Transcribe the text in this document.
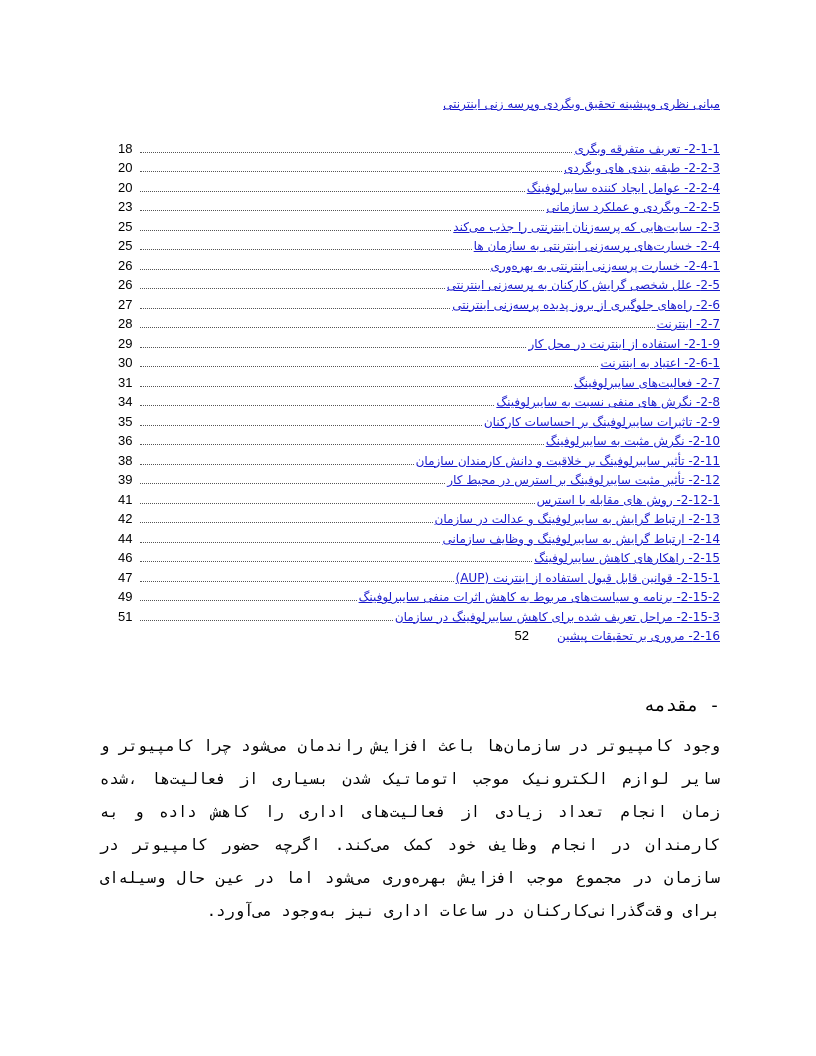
مبانی نظری وپیشینه تحقیق وبگردی وپرسه زنی اینترنتی
2-1-1- تعریف متفرقه وبگری
18
2-2-3- طبقه بندی های وبگردی
20
2-2-4- عوامل ایجاد کننده سایبرلوفینگ
20
2-2-5- وبگردی و عملکرد سازمانی
23
2-3- سایت‌هایی که پرسه‌زنان اینترنتی را جذب می‌کند
25
2-4- خسارت‌های پرسه‌زنی اینترنتی به سازمان ها
25
2-4-1- خسارت پرسه‌زنی اینترنتی به بهره‌وری
26
2-5- علل شخصی گرایش کارکنان به پرسه‌زنی اینترنتی
26
2-6- راه‌های جلوگیری از بروز پدیده پرسه‌زنی اینترنتی
27
2-7- اینترنت
28
2-1-9- استفاده از اینترنت در محل کار
29
2-6-1- اعتیاد به اینترنت
30
2-7- فعالیت‌های سایبرلوفینگ
31
2-8- نگرش های منفی نسبت به سایبرلوفینگ
34
2-9- تاثیرات سایبرلوفینگ بر احساسات کارکنان
35
2-10- نگرش مثبت به سایبرلوفینگ
36
2-11- تأثیر سایبرلوفینگ بر خلاقیت و دانش کارمندان سازمان
38
2-12- تأثیر مثبت سایبرلوفینگ بر استرس در محیط کار
39
2-12-1- روش های مقابله با استرس
41
2-13- ارتباط گرایش به سایبرلوفینگ و عدالت در سازمان
42
2-14- ارتباط گرایش به سایبرلوفینگ و وظایف سازمانی
44
2-15- راهکارهای کاهش سایبرلوفینگ
46
2-15-1- قوانین قابل قبول استفاده از اینترنت (AUP)
47
2-15-2- برنامه و سیاست‌های مربوط به کاهش اثرات منفی سایبرلوفینگ
49
2-15-3- مراحل تعریف شده برای کاهش سایبرلوفینگ در سازمان
51
2-16- مروری بر تحقیقات پیشین
52
- مقدمه

وجود کامپیوتر در سازمان‌ها باعث افزایش راندمان می‌شود چرا کامپیوتر و سایر لوازم الکترونیک موجب اتوماتیک شدن بسیاری از فعالیت‌ها ،شده زمان انجام تعداد زیادی از فعالیت‌های اداری را کاهش داده و به کارمندان در انجام وظایف خود کمک می‌کند. اگرچه حضور کامپیوتر در سازمان در مجموع موجب افزایش بهره‌وری می‌شود اما در عین حال وسیله‌ای برای وقت‌گذرانی‌کارکنان در ساعات اداری نیز به‌وجود می‌آورد.
